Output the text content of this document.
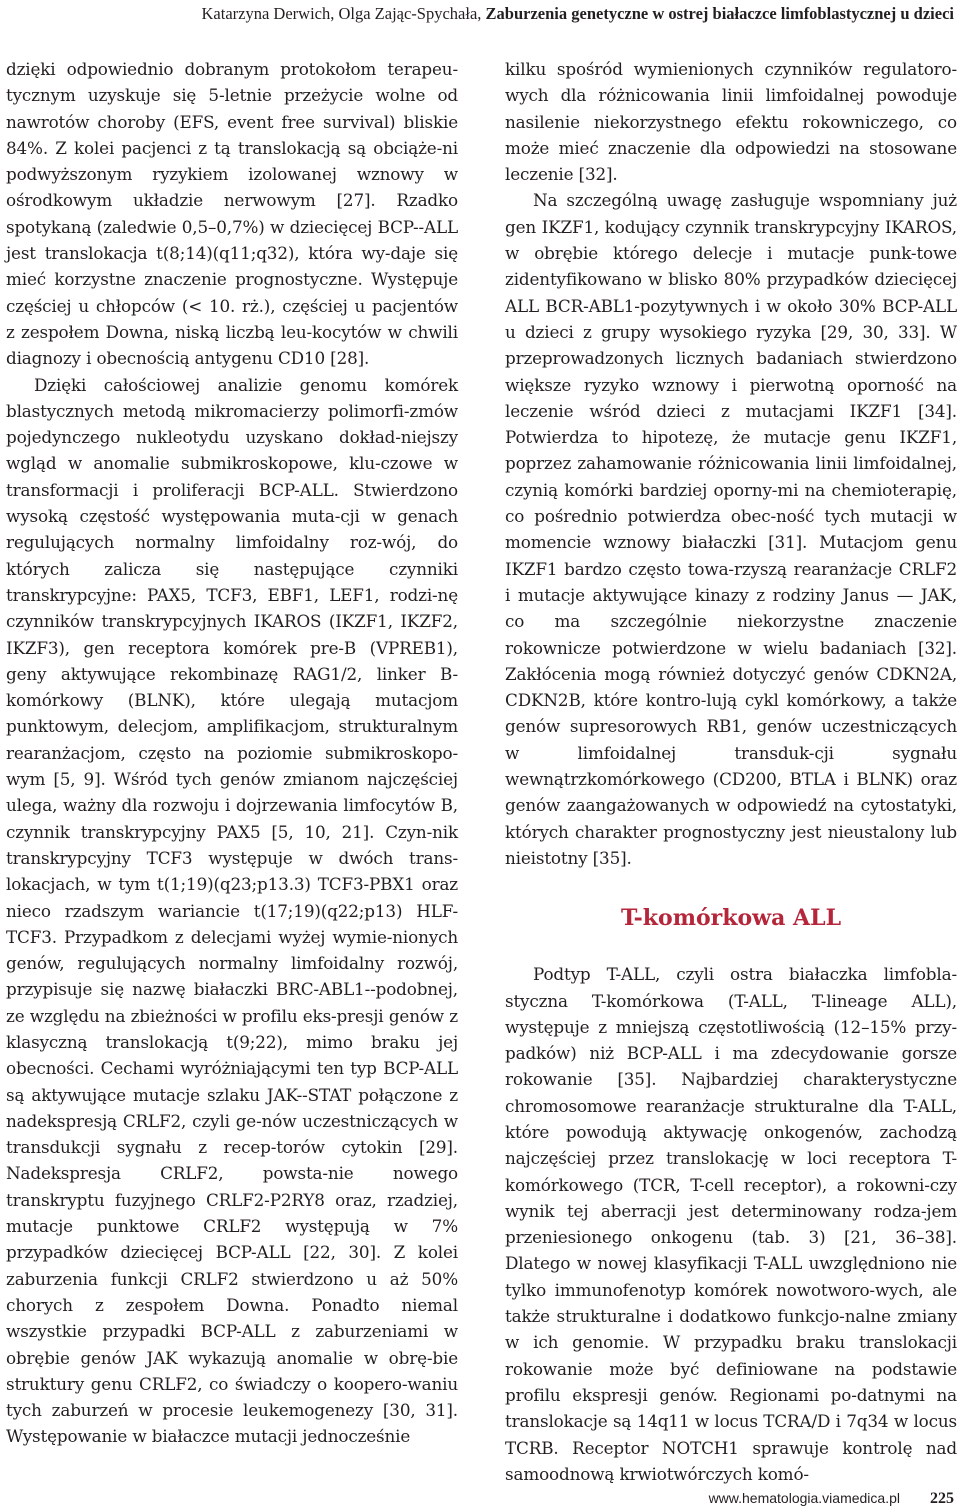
Katarzyna Derwich, Olga Zając-Spychała, Zaburzenia genetyczne w ostrej białaczce limfoblastycznej u dzieci

dzięki odpowiednio dobranym protokołom terapeu-tycznym uzyskuje się 5-letnie przeżycie wolne od nawrotów choroby (EFS, event free survival) bliskie 84%. Z kolei pacjenci z tą translokacją są obciąże-ni podwyższonym ryzykiem izolowanej wznowy w ośrodkowym układzie nerwowym [27]. Rzadko spotykaną (zaledwie 0,5–0,7%) w dziecięcej BCP--ALL jest translokacja t(8;14)(q11;q32), która wy-daje się mieć korzystne znaczenie prognostyczne. Występuje częściej u chłopców (< 10. rż.), częściej u pacjentów z zespołem Downa, niską liczbą leu-kocytów w chwili diagnozy i obecnością antygenu CD10 [28].

Dzięki całościowej analizie genomu komórek blastycznych metodą mikromacierzy polimorfi-zmów pojedynczego nukleotydu uzyskano dokład-niejszy wgląd w anomalie submikroskopowe, klu-czowe w transformacji i proliferacji BCP-ALL. Stwierdzono wysoką częstość występowania muta-cji w genach regulujących normalny limfoidalny roz-wój, do których zalicza się następujące czynniki transkrypcyjne: PAX5, TCF3, EBF1, LEF1, rodzi-nę czynników transkrypcyjnych IKAROS (IKZF1, IKZF2, IKZF3), gen receptora komórek pre-B (VPREB1), geny aktywujące rekombinazę RAG1/2, linker B-komórkowy (BLNK), które ulegają mutacjom punktowym, delecjom, amplifikacjom, strukturalnym rearanżacjom, często na poziomie submikroskopo-wym [5, 9]. Wśród tych genów zmianom najczęściej ulega, ważny dla rozwoju i dojrzewania limfocytów B, czynnik transkrypcyjny PAX5 [5, 10, 21]. Czyn-nik transkrypcyjny TCF3 występuje w dwóch trans-lokacjach, w tym t(1;19)(q23;p13.3) TCF3-PBX1 oraz nieco rzadszym wariancie t(17;19)(q22;p13) HLF-TCF3. Przypadkom z delecjami wyżej wymie-nionych genów, regulujących normalny limfoidalny rozwój, przypisuje się nazwę białaczki BRC-ABL1--podobnej, ze względu na zbieżności w profilu eks-presji genów z klasyczną translokacją t(9;22), mimo braku jej obecności. Cechami wyróżniającymi ten typ BCP-ALL są aktywujące mutacje szlaku JAK--STAT połączone z nadekspresją CRLF2, czyli ge-nów uczestniczących w transdukcji sygnału z recep-torów cytokin [29]. Nadekspresja CRLF2, powsta-nie nowego transkryptu fuzyjnego CRLF2-P2RY8 oraz, rzadziej, mutacje punktowe CRLF2 występują w 7% przypadków dziecięcej BCP-ALL [22, 30]. Z kolei zaburzenia funkcji CRLF2 stwierdzono u aż 50% chorych z zespołem Downa. Ponadto niemal wszystkie przypadki BCP-ALL z zaburzeniami w obrębie genów JAK wykazują anomalie w obrę-bie struktury genu CRLF2, co świadczy o koopero-waniu tych zaburzeń w procesie leukemogenezy [30, 31]. Występowanie w białaczce mutacji jednocześnie

kilku spośród wymienionych czynników regulatoro-wych dla różnicowania linii limfoidalnej powoduje nasilenie niekorzystnego efektu rokowniczego, co może mieć znaczenie dla odpowiedzi na stosowane leczenie [32].

Na szczególną uwagę zasługuje wspomniany już gen IKZF1, kodujący czynnik transkrypcyjny IKAROS, w obrębie którego delecje i mutacje punk-towe zidentyfikowano w blisko 80% przypadków dziecięcej ALL BCR-ABL1-pozytywnych i w około 30% BCP-ALL u dzieci z grupy wysokiego ryzyka [29, 30, 33]. W przeprowadzonych licznych badaniach stwierdzono większe ryzyko wznowy i pierwotną oporność na leczenie wśród dzieci z mutacjami IKZF1 [34]. Potwierdza to hipotezę, że mutacje genu IKZF1, poprzez zahamowanie różnicowania linii limfoidalnej, czynią komórki bardziej oporny-mi na chemioterapię, co pośrednio potwierdza obec-ność tych mutacji w momencie wznowy białaczki [31]. Mutacjom genu IKZF1 bardzo często towa-rzyszą rearanżacje CRLF2 i mutacje aktywujące kinazy z rodziny Janus — JAK, co ma szczególnie niekorzystne znaczenie rokownicze potwierdzone w wielu badaniach [32]. Zakłócenia mogą również dotyczyć genów CDKN2A, CDKN2B, które kontro-lują cykl komórkowy, a także genów supresorowych RB1, genów uczestniczących w limfoidalnej transduk-cji sygnału wewnątrzkomórkowego (CD200, BTLA i BLNK) oraz genów zaangażowanych w odpowiedź na cytostatyki, których charakter prognostyczny jest nieustalony lub nieistotny [35].

T-komórkowa ALL

Podtyp T-ALL, czyli ostra białaczka limfobla-styczna T-komórkowa (T-ALL, T-lineage ALL), występuje z mniejszą częstotliwością (12–15% przy-padków) niż BCP-ALL i ma zdecydowanie gorsze rokowanie [35]. Najbardziej charakterystyczne chromosomowe rearanżacje strukturalne dla T-ALL, które powodują aktywację onkogenów, zachodzą najczęściej przez translokację w loci receptora T-komórkowego (TCR, T-cell receptor), a rokowni-czy wynik tej aberracji jest determinowany rodza-jem przeniesionego onkogenu (tab. 3) [21, 36–38]. Dlatego w nowej klasyfikacji T-ALL uwzględniono nie tylko immunofenotyp komórek nowotworo-wych, ale także strukturalne i dodatkowo funkcjo-nalne zmiany w ich genomie. W przypadku braku translokacji rokowanie może być definiowane na podstawie profilu ekspresji genów. Regionami po-datnymi na translokacje są 14q11 w locus TCRA/D i 7q34 w locus TCRB. Receptor NOTCH1 sprawuje kontrolę nad samoodnową krwiotwórczych komó-

www.hematologia.viamedica.pl 225
